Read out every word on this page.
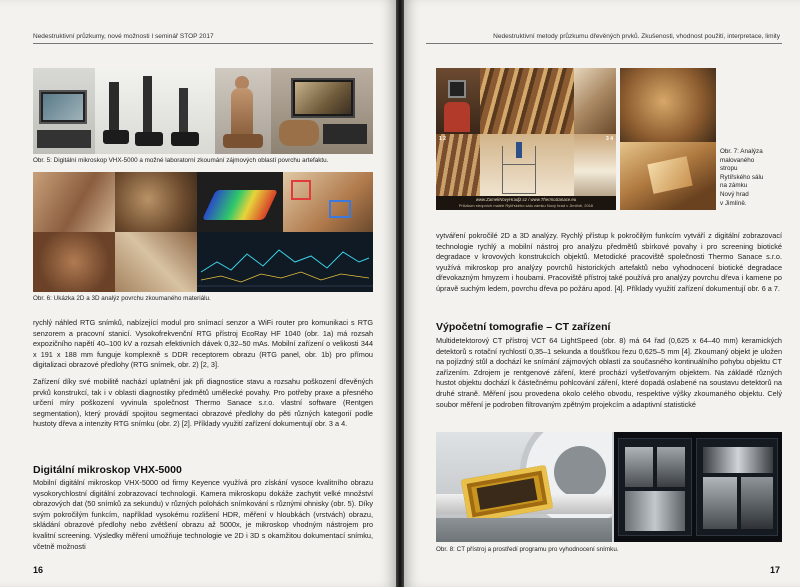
Nedestruktivní průzkumy, nové možnosti I seminář STOP 2017
Obr. 5: Digitální mikroskop VHX-5000 a možné laboratorní zkoumání zájmových oblastí povrchu artefaktu.
Obr. 6: Ukázka 2D a 3D analýz povrchu zkoumaného materiálu.

rychlý náhled RTG snímků, nabízející modul pro snímací senzor a WiFi router pro komunikaci s RTG senzorem a pracovní stanicí. Vysokofrekvenční RTG přístroj EcoRay HF 1040 (obr. 1a) má rozsah expozičního napětí 40–100 kV a rozsah efektivních dávek 0,32–50 mAs. Mobilní zařízení o velikosti 344 x 191 x 188 mm funguje komplexně s DDR receptorem obrazu (RTG panel, obr. 1b) pro přímou digitalizaci obrazové předlohy (RTG snímek, obr. 2) [2, 3].

Zařízení díky své mobilitě nachází uplatnění jak při diagnostice stavu a rozsahu poškození dřevěných prvků konstrukcí, tak i v oblasti diagnostiky předmětů umělecké povahy. Pro potřeby praxe a přesného určení míry poškození vyvinula společnost Thermo Sanace s.r.o. vlastní software (Rentgen segmentation), který provádí spojitou segmentaci obrazové předlohy do pěti různých kategorií podle hustoty dřeva a intenzity RTG snímku (obr. 2) [2]. Příklady využití zařízení dokumentují obr. 3 a 4.

Digitální mikroskop VHX-5000

Mobilní digitální mikroskop VHX-5000 od firmy Keyence využívá pro získání vysoce kvalitního obrazu vysokorychlostní digitální zobrazovací technologii. Kamera mikroskopu dokáže zachytit velké množství obrazových dat (50 snímků za sekundu) v různých polohách snímkování s různými ohnisky (obr. 5). Díky svým pokročilým funkcím, například vysokému rozlišení HDR, měření v hloubkách (vrstvách) obrazu, skládání obrazové předlohy nebo zvětšení obrazu až 5000x, je mikroskop vhodným nástrojem pro kvalitní screening. Výsledky měření umožňuje technologie ve 2D i 3D s okamžitou dokumentací snímku, včetně možnosti

16
Nedestruktivní metody průzkumu dřevěných prvků. Zkušenosti, vhodnost použití, interpretace, limity
1 2	3 4
www.ZamekNovyHradjz.cz / www.ThermoSanace.eu
Průzkum stropních maleb Rytířského sálu zámku Nový hrad v Jimlíně, 2016
Obr. 7: Analýza
malovaného
stropu
Rytířského sálu
na zámku
Nový hrad
v Jimlíně.

vytváření pokročilé 2D a 3D analýzy. Rychlý přístup k pokročilým funkcím vytváří z digitální zobrazovací technologie rychlý a mobilní nástroj pro analýzu předmětů sbírkové povahy i pro screening biotické degradace v krovových konstrukcích objektů. Metodické pracoviště společnosti Thermo Sanace s.r.o. využívá mikroskop pro analýzy povrchů historických artefaktů nebo vyhodnocení biotické degradace dřevokazným hmyzem i houbami. Pracoviště přístroj také používá pro analýzy povrchu dřeva i kamene po úpravě suchým ledem, povrchu dřeva po požáru apod. [4]. Příklady využití zařízení dokumentují obr. 6 a 7.

Výpočetní tomografie – CT zařízení

Multidetektorový CT přístroj VCT 64 LightSpeed (obr. 8) má 64 řad (0,625 x 64–40 mm) keramických detektorů s rotační rychlostí 0,35–1 sekunda a tloušťkou řezu 0,625–5 mm [4]. Zkoumaný objekt je uložen na pojízdný stůl a dochází ke snímání zájmových oblastí za současného kontinuálního pohybu objektu CT zařízením. Zdrojem je rentgenové záření, které prochází vyšetřovaným objektem. Na základě různých hustot objektu dochází k částečnému pohlcování záření, které dopadá oslabené na soustavu detektorů na druhé straně. Měření jsou provedena okolo celého obvodu, respektive výšky zkoumaného objektu. Celý soubor měření je podroben filtrovaným zpětným projekcím a adaptivní statistické

Obr. 8: CT přístroj a prostředí programu pro vyhodnocení snímku.
17
